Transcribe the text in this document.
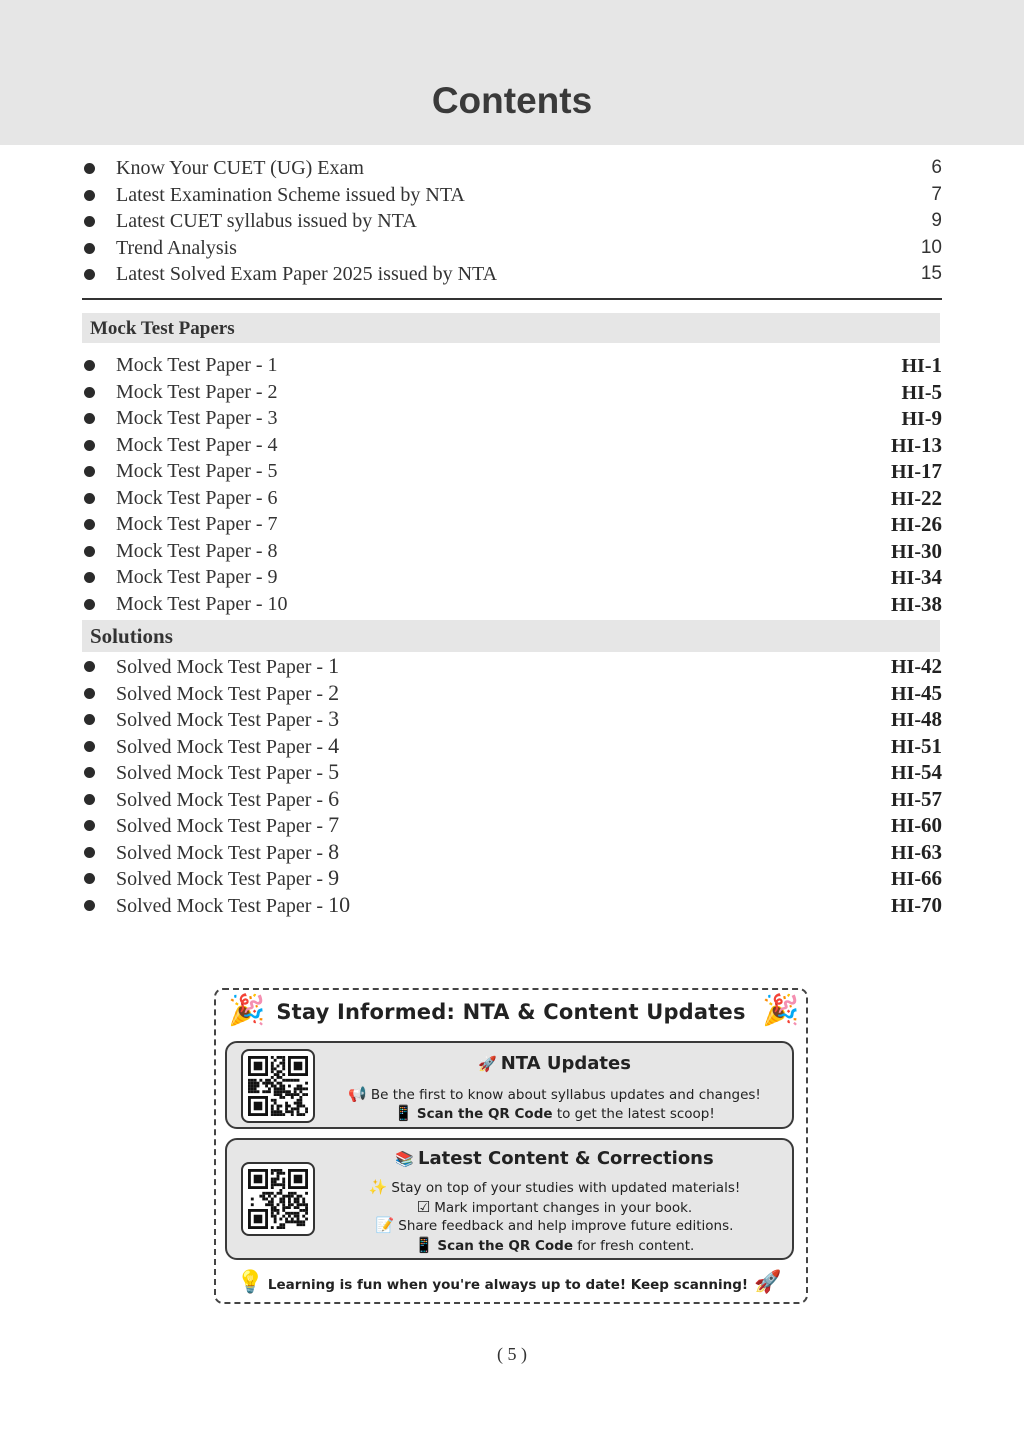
Contents
Know Your CUET (UG) Exam	6
Latest Examination Scheme issued by NTA	7
Latest CUET syllabus issued by NTA	9
Trend Analysis	10
Latest Solved Exam Paper 2025 issued by NTA	15
Mock Test Papers
Mock Test Paper - 1	HI-1
Mock Test Paper - 2	HI-5
Mock Test Paper - 3	HI-9
Mock Test Paper - 4	HI-13
Mock Test Paper - 5	HI-17
Mock Test Paper - 6	HI-22
Mock Test Paper - 7	HI-26
Mock Test Paper - 8	HI-30
Mock Test Paper - 9	HI-34
Mock Test Paper - 10	HI-38
Solutions
Solved Mock Test Paper - 1	HI-42
Solved Mock Test Paper - 2	HI-45
Solved Mock Test Paper - 3	HI-48
Solved Mock Test Paper - 4	HI-51
Solved Mock Test Paper - 5	HI-54
Solved Mock Test Paper - 6	HI-57
Solved Mock Test Paper - 7	HI-60
Solved Mock Test Paper - 8	HI-63
Solved Mock Test Paper - 9	HI-66
Solved Mock Test Paper - 10	HI-70
🎉	🎉
Stay Informed: NTA & Content Updates
🚀 NTA Updates
📢 Be the first to know about syllabus updates and changes!
📱 Scan the QR Code to get the latest scoop!
📚 Latest Content & Corrections
✨ Stay on top of your studies with updated materials!
☑ Mark important changes in your book.
📝 Share feedback and help improve future editions.
📱 Scan the QR Code for fresh content.
💡 Learning is fun when you're always up to date! Keep scanning! 🚀
( 5 )
